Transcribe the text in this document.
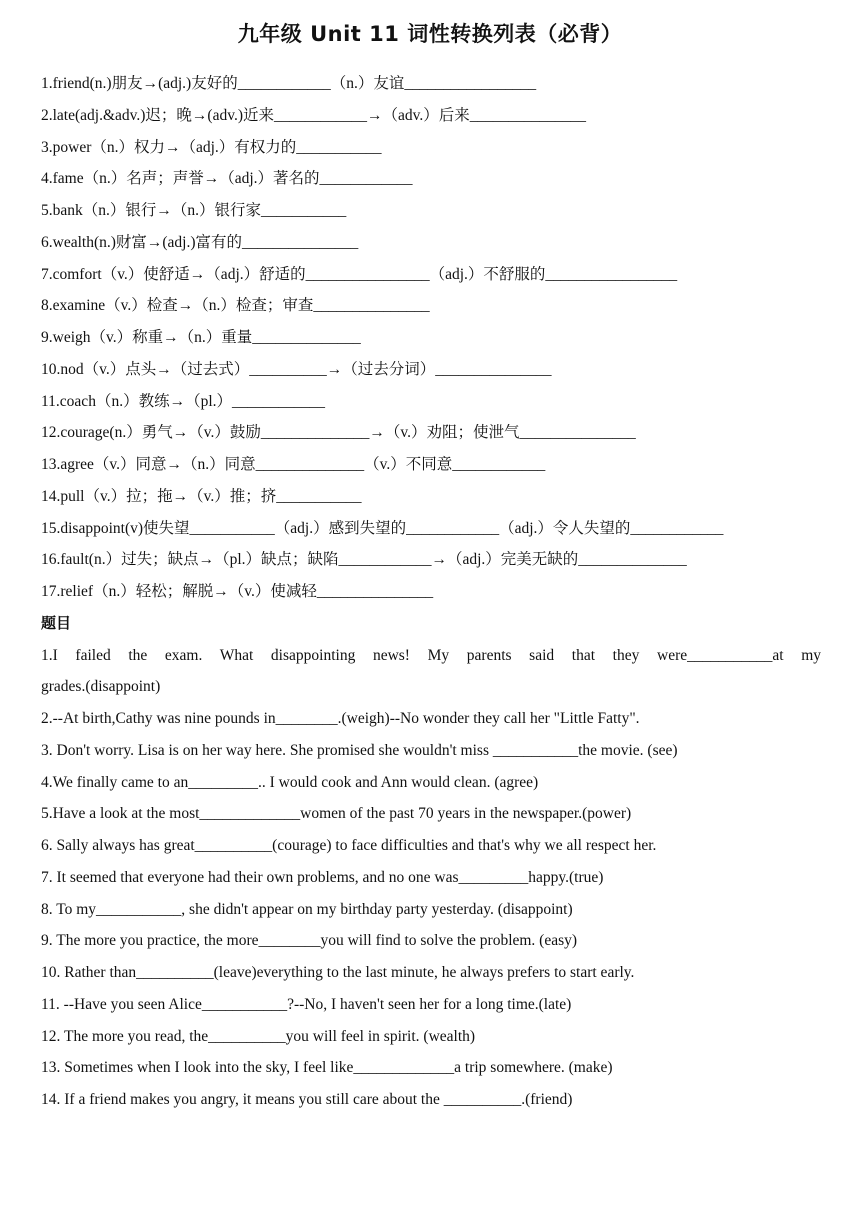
九年级 Unit 11 词性转换列表（必背）
1.friend(n.)朋友→(adj.)友好的____________（n.）友谊_________________
2.late(adj.&adv.)迟；晚→(adv.)近来____________→（adv.）后来_______________
3.power（n.）权力→（adj.）有权力的___________
4.fame（n.）名声；声誉→（adj.）著名的____________
5.bank（n.）银行→（n.）银行家___________
6.wealth(n.)财富→(adj.)富有的_______________
7.comfort（v.）使舒适→（adj.）舒适的________________（adj.）不舒服的_________________
8.examine（v.）检查→（n.）检查；审查_______________
9.weigh（v.）称重→（n.）重量______________
10.nod（v.）点头→（过去式）__________→（过去分词）_______________
11.coach（n.）教练→（pl.）____________
12.courage(n.）勇气→（v.）鼓励______________→（v.）劝阻；使泄气_______________
13.agree（v.）同意→（n.）同意______________（v.）不同意____________
14.pull（v.）拉；拖→（v.）推；挤___________
15.disappoint(v)使失望___________（adj.）感到失望的____________（adj.）令人失望的____________
16.fault(n.）过失；缺点→（pl.）缺点；缺陷____________→（adj.）完美无缺的______________
17.relief（n.）轻松；解脱→（v.）使减轻_______________
题目
1.I failed the exam. What disappointing news! My parents said that they were___________at my
grades.(disappoint)
2.--At birth,Cathy was nine pounds in________.(weigh)--No wonder they call her "Little Fatty".
3. Don't worry. Lisa is on her way here. She promised she wouldn't miss ___________the movie. (see)
4.We finally came to an_________.. I would cook and Ann would clean. (agree)
5.Have a look at the most_____________women of the past 70 years in the newspaper.(power)
6. Sally always has great__________(courage) to face difficulties and that's why we all respect her.
7. It seemed that everyone had their own problems, and no one was_________happy.(true)
8. To my___________, she didn't appear on my birthday party yesterday. (disappoint)
9. The more you practice, the more________you will find to solve the problem. (easy)
10. Rather than__________(leave)everything to the last minute, he always prefers to start early.
11. --Have you seen Alice___________?--No, I haven't seen her for a long time.(late)
12. The more you read, the__________you will feel in spirit. (wealth)
13. Sometimes when I look into the sky, I feel like_____________a trip somewhere. (make)
14. If a friend makes you angry, it means you still care about the __________.(friend)
